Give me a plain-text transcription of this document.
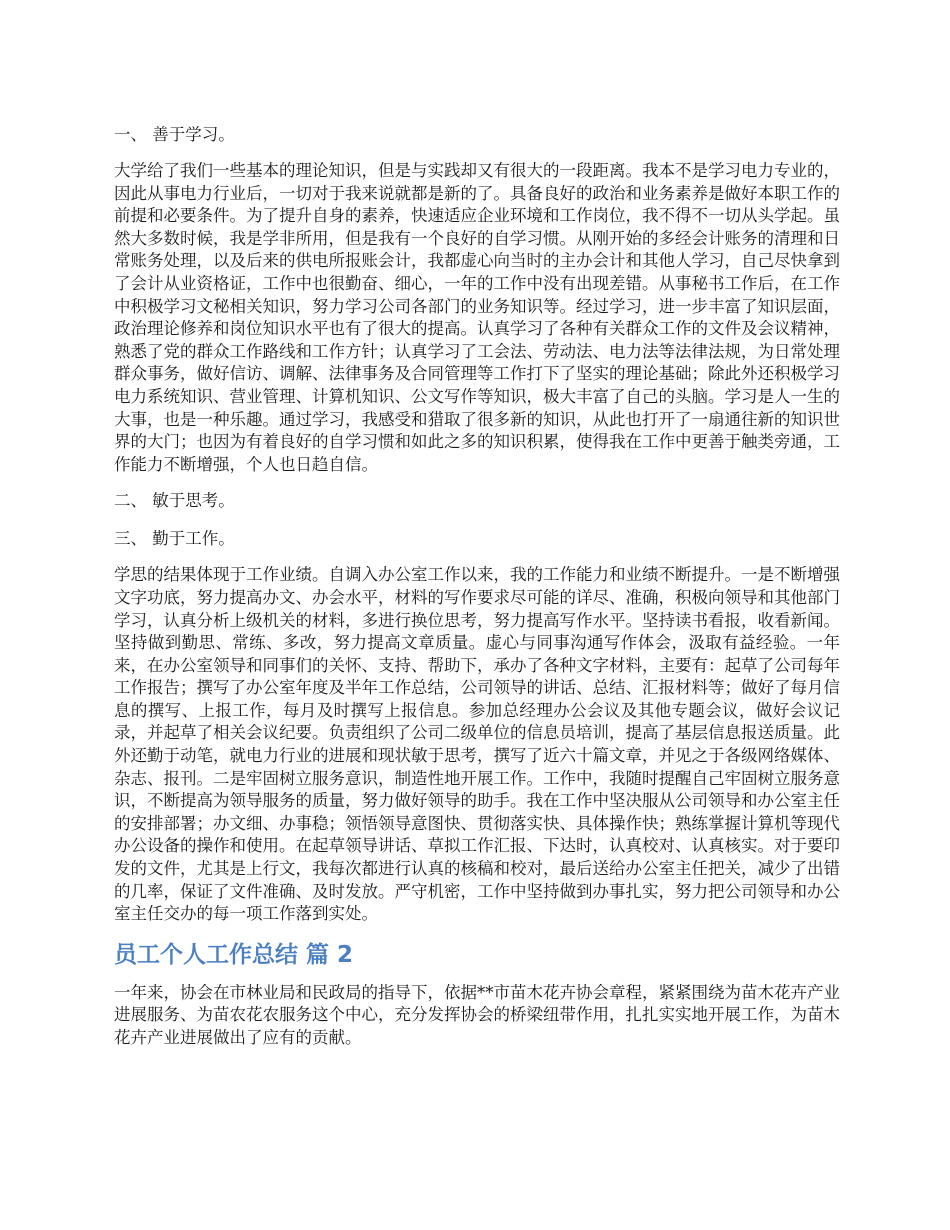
一、 善于学习。

大学给了我们一些基本的理论知识，但是与实践却又有很大的一段距离。我本不是学习电力专业的，因此从事电力行业后，一切对于我来说就都是新的了。具备良好的政治和业务素养是做好本职工作的前提和必要条件。为了提升自身的素养，快速适应企业环境和工作岗位，我不得不一切从头学起。虽然大多数时候，我是学非所用，但是我有一个良好的自学习惯。从刚开始的多经会计账务的清理和日常账务处理，以及后来的供电所报账会计，我都虚心向当时的主办会计和其他人学习，自己尽快拿到了会计从业资格证，工作中也很勤奋、细心，一年的工作中没有出现差错。从事秘书工作后，在工作中积极学习文秘相关知识，努力学习公司各部门的业务知识等。经过学习，进一步丰富了知识层面，政治理论修养和岗位知识水平也有了很大的提高。认真学习了各种有关群众工作的文件及会议精神，熟悉了党的群众工作路线和工作方针；认真学习了工会法、劳动法、电力法等法律法规，为日常处理群众事务，做好信访、调解、法律事务及合同管理等工作打下了坚实的理论基础；除此外还积极学习电力系统知识、营业管理、计算机知识、公文写作等知识，极大丰富了自己的头脑。学习是人一生的大事，也是一种乐趣。通过学习，我感受和猎取了很多新的知识，从此也打开了一扇通往新的知识世界的大门；也因为有着良好的自学习惯和如此之多的知识积累，使得我在工作中更善于触类旁通，工作能力不断增强，个人也日趋自信。

二、 敏于思考。
三、 勤于工作。

学思的结果体现于工作业绩。自调入办公室工作以来，我的工作能力和业绩不断提升。一是不断增强文字功底，努力提高办文、办会水平，材料的写作要求尽可能的详尽、准确，积极向领导和其他部门学习，认真分析上级机关的材料，多进行换位思考，努力提高写作水平。坚持读书看报，收看新闻。坚持做到勤思、常练、多改，努力提高文章质量。虚心与同事沟通写作体会，汲取有益经验。一年来，在办公室领导和同事们的关怀、支持、帮助下，承办了各种文字材料，主要有：起草了公司每年工作报告；撰写了办公室年度及半年工作总结，公司领导的讲话、总结、汇报材料等；做好了每月信息的撰写、上报工作，每月及时撰写上报信息。参加总经理办公会议及其他专题会议，做好会议记录，并起草了相关会议纪要。负责组织了公司二级单位的信息员培训，提高了基层信息报送质量。此外还勤于动笔，就电力行业的进展和现状敏于思考，撰写了近六十篇文章，并见之于各级网络媒体、杂志、报刊。二是牢固树立服务意识，制造性地开展工作。工作中，我随时提醒自己牢固树立服务意识，不断提高为领导服务的质量，努力做好领导的助手。我在工作中坚决服从公司领导和办公室主任的安排部署；办文细、办事稳；领悟领导意图快、贯彻落实快、具体操作快；熟练掌握计算机等现代办公设备的操作和使用。在起草领导讲话、草拟工作汇报、下达时，认真校对、认真核实。对于要印发的文件，尤其是上行文，我每次都进行认真的核稿和校对，最后送给办公室主任把关，减少了出错的几率，保证了文件准确、及时发放。严守机密，工作中坚持做到办事扎实，努力把公司领导和办公室主任交办的每一项工作落到实处。

员工个人工作总结 篇 2

一年来，协会在市林业局和民政局的指导下，依据**市苗木花卉协会章程，紧紧围绕为苗木花卉产业进展服务、为苗农花农服务这个中心，充分发挥协会的桥梁纽带作用，扎扎实实地开展工作，为苗木花卉产业进展做出了应有的贡献。
